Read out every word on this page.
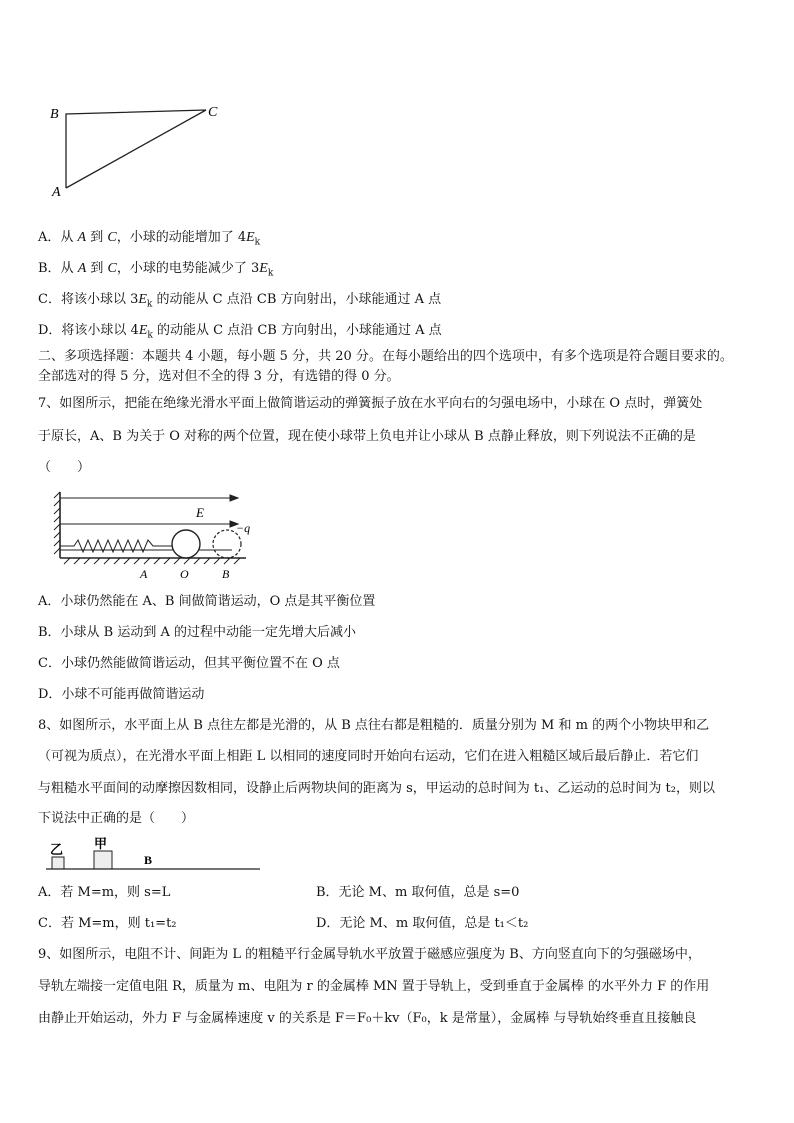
B	C
A
A．从 A 到 C，小球的动能增加了 $4E_k$
B．从 A 到 C，小球的电势能减少了 $3E_k$
C．将该小球以 $3E_k$ 的动能从 C 点沿 CB 方向射出，小球能通过 A 点
D．将该小球以 $4E_k$ 的动能从 C 点沿 CB 方向射出，小球能通过 A 点
二、多项选择题：本题共 4 小题，每小题 5 分，共 20 分。在每小题给出的四个选项中，有多个选项是符合题目要求的。
全部选对的得 5 分，选对但不全的得 3 分，有选错的得 0 分。
7、如图所示，把能在绝缘光滑水平面上做简谐运动的弹簧振子放在水平向右的匀强电场中，小球在 O 点时，弹簧处
于原长，A、B 为关于 O 对称的两个位置，现在使小球带上负电并让小球从 B 点静止释放，则下列说法不正确的是
（　　）
E
−q
A	O	B
A．小球仍然能在 A、B 间做简谐运动，O 点是其平衡位置
B．小球从 B 运动到 A 的过程中动能一定先增大后减小
C．小球仍然能做简谐运动，但其平衡位置不在 O 点
D．小球不可能再做简谐运动
8、如图所示，水平面上从 B 点往左都是光滑的，从 B 点往右都是粗糙的．质量分别为 M 和 m 的两个小物块甲和乙
（可视为质点），在光滑水平面上相距 L 以相同的速度同时开始向右运动，它们在进入粗糙区域后最后静止．若它们
与粗糙水平面间的动摩擦因数相同，设静止后两物块间的距离为 s，甲运动的总时间为 t₁、乙运动的总时间为 t₂，则以
下说法中正确的是（　　）
乙 甲
B
A．若 M=m，则 s=L	B．无论 M、m 取何值，总是 s=0
C．若 M=m，则 t₁=t₂	D．无论 M、m 取何值，总是 t₁＜t₂
9、如图所示，电阻不计、间距为 L 的粗糙平行金属导轨水平放置于磁感应强度为 B、方向竖直向下的匀强磁场中，
导轨左端接一定值电阻 R，质量为 m、电阻为 r 的金属棒 MN 置于导轨上，受到垂直于金属棒 的水平外力 F 的作用
由静止开始运动，外力 F 与金属棒速度 v 的关系是 F＝F₀＋kv（F₀，k 是常量），金属棒 与导轨始终垂直且接触良
